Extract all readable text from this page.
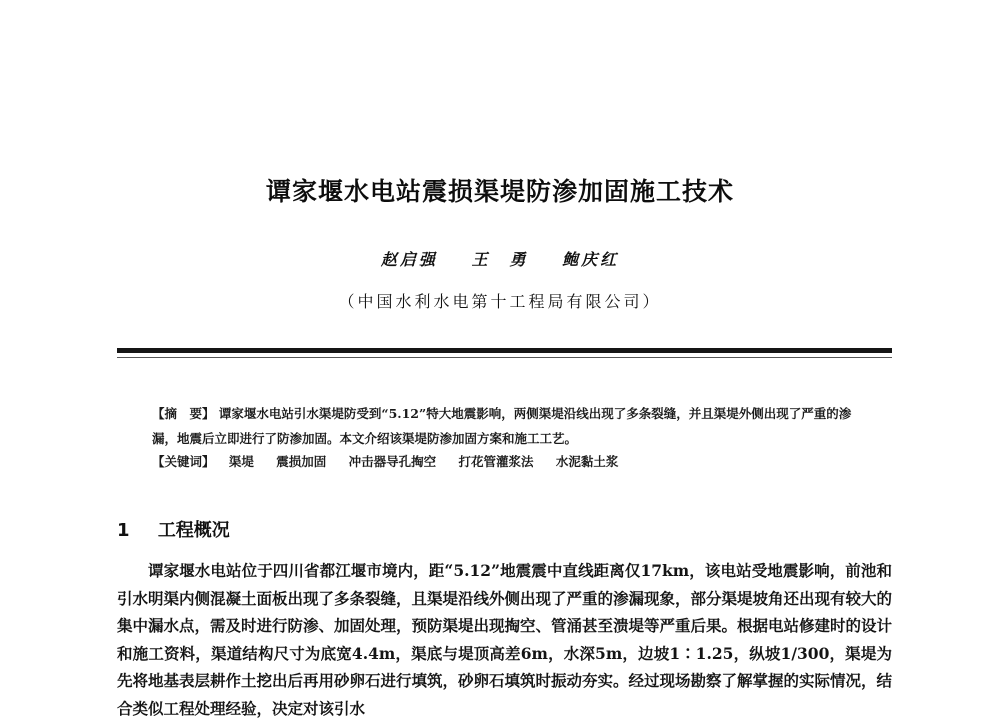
谭家堰水电站震损渠堤防渗加固施工技术
赵启强 王　勇 鲍庆红
（中国水利水电第十工程局有限公司）
【摘　要】 谭家堰水电站引水渠堤防受到“5.12”特大地震影响，两侧渠堤沿线出现了多条裂缝，并且渠堤外侧出现了严重的渗漏，地震后立即进行了防渗加固。本文介绍该渠堤防渗加固方案和施工工艺。
【关键词】 渠堤 震损加固 冲击器导孔掏空 打花管灌浆法 水泥黏土浆
1 工程概况
谭家堰水电站位于四川省都江堰市境内，距“5.12”地震震中直线距离仅17km，该电站受地震影响，前池和引水明渠内侧混凝土面板出现了多条裂缝，且渠堤沿线外侧出现了严重的渗漏现象，部分渠堤坡角还出现有较大的集中漏水点，需及时进行防渗、加固处理，预防渠堤出现掏空、管涌甚至溃堤等严重后果。根据电站修建时的设计和施工资料，渠道结构尺寸为底宽4.4m，渠底与堤顶高差6m，水深5m，边坡1∶1.25，纵坡1/300，渠堤为先将地基表层耕作土挖出后再用砂卵石进行填筑，砂卵石填筑时振动夯实。经过现场勘察了解掌握的实际情况，结合类似工程处理经验，决定对该引水
